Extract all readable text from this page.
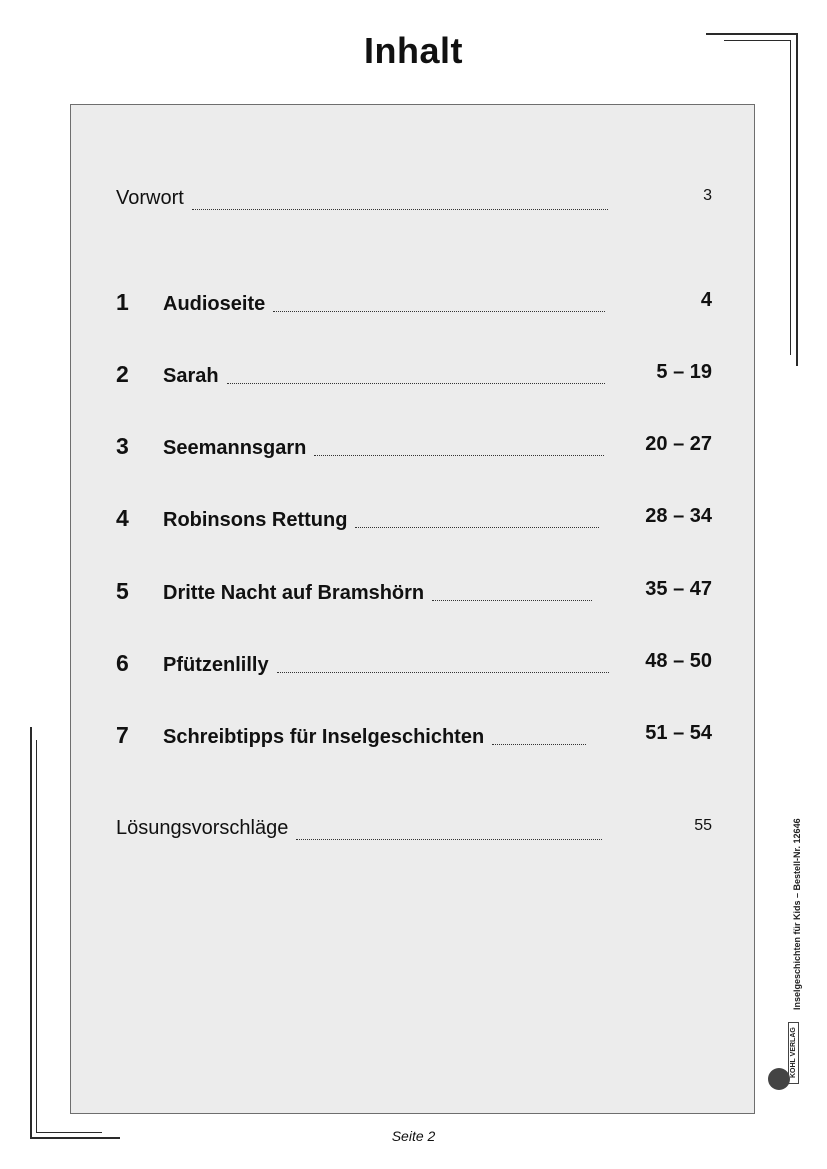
Inhalt
Vorwort	3
1	Audioseite	4
2	Sarah	5 – 19
3	Seemannsgarn	20 – 27
4	Robinsons Rettung	28 – 34
5	Dritte Nacht auf Bramshörn	35 – 47
6	Pfützenlilly	48 – 50
7	Schreibtipps für Inselgeschichten	51 – 54
Lösungsvorschläge	55
Seite 2
Inselgeschichten für Kids – Bestell-Nr. 12646
KOHL VERLAG
